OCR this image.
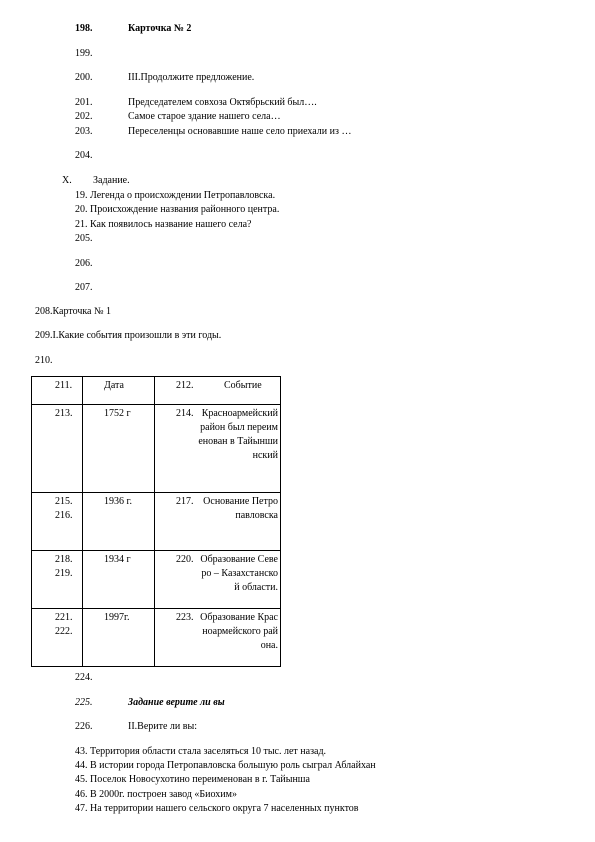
198.	Карточка № 2
199.
200.	III.Продолжите предложение.
201.	Председателем совхоза Октябрьский был….
202.	Самое старое здание нашего села…
203.	Переселенцы основавшие наше село приехали из …
204.
X. Задание.
19. Легенда о происхождении Петропавловска.
20. Происхождение названия районного центра.
21. Как появилось название нашего села?
205.
206.
207.
208.Карточка № 1
209.I.Какие события произошли в эти годы.
210.
211.	Дата	212. Событие

213.	1752 г	214. Красноармейский район был переименован в Тайыншинский

215.
216.	1936 г.	217. Основание Петропавловска

218.
219.	1934 г	220. Образование Северо – Казахстанской области.

221.
222.	1997г.	223. Образование Красноармейского района.
224.
225.	Задание верите ли вы
226.	II.Верите ли вы:
43. Территория области стала заселяться 10 тыс. лет назад.
44. В истории города Петропавловска большую роль сыграл Аблайхан
45. Поселок Новосухотино переименован в г. Тайынша
46. В 2000г. построен завод «Биохим»
47. На территории нашего сельского округа 7 населенных пунктов
